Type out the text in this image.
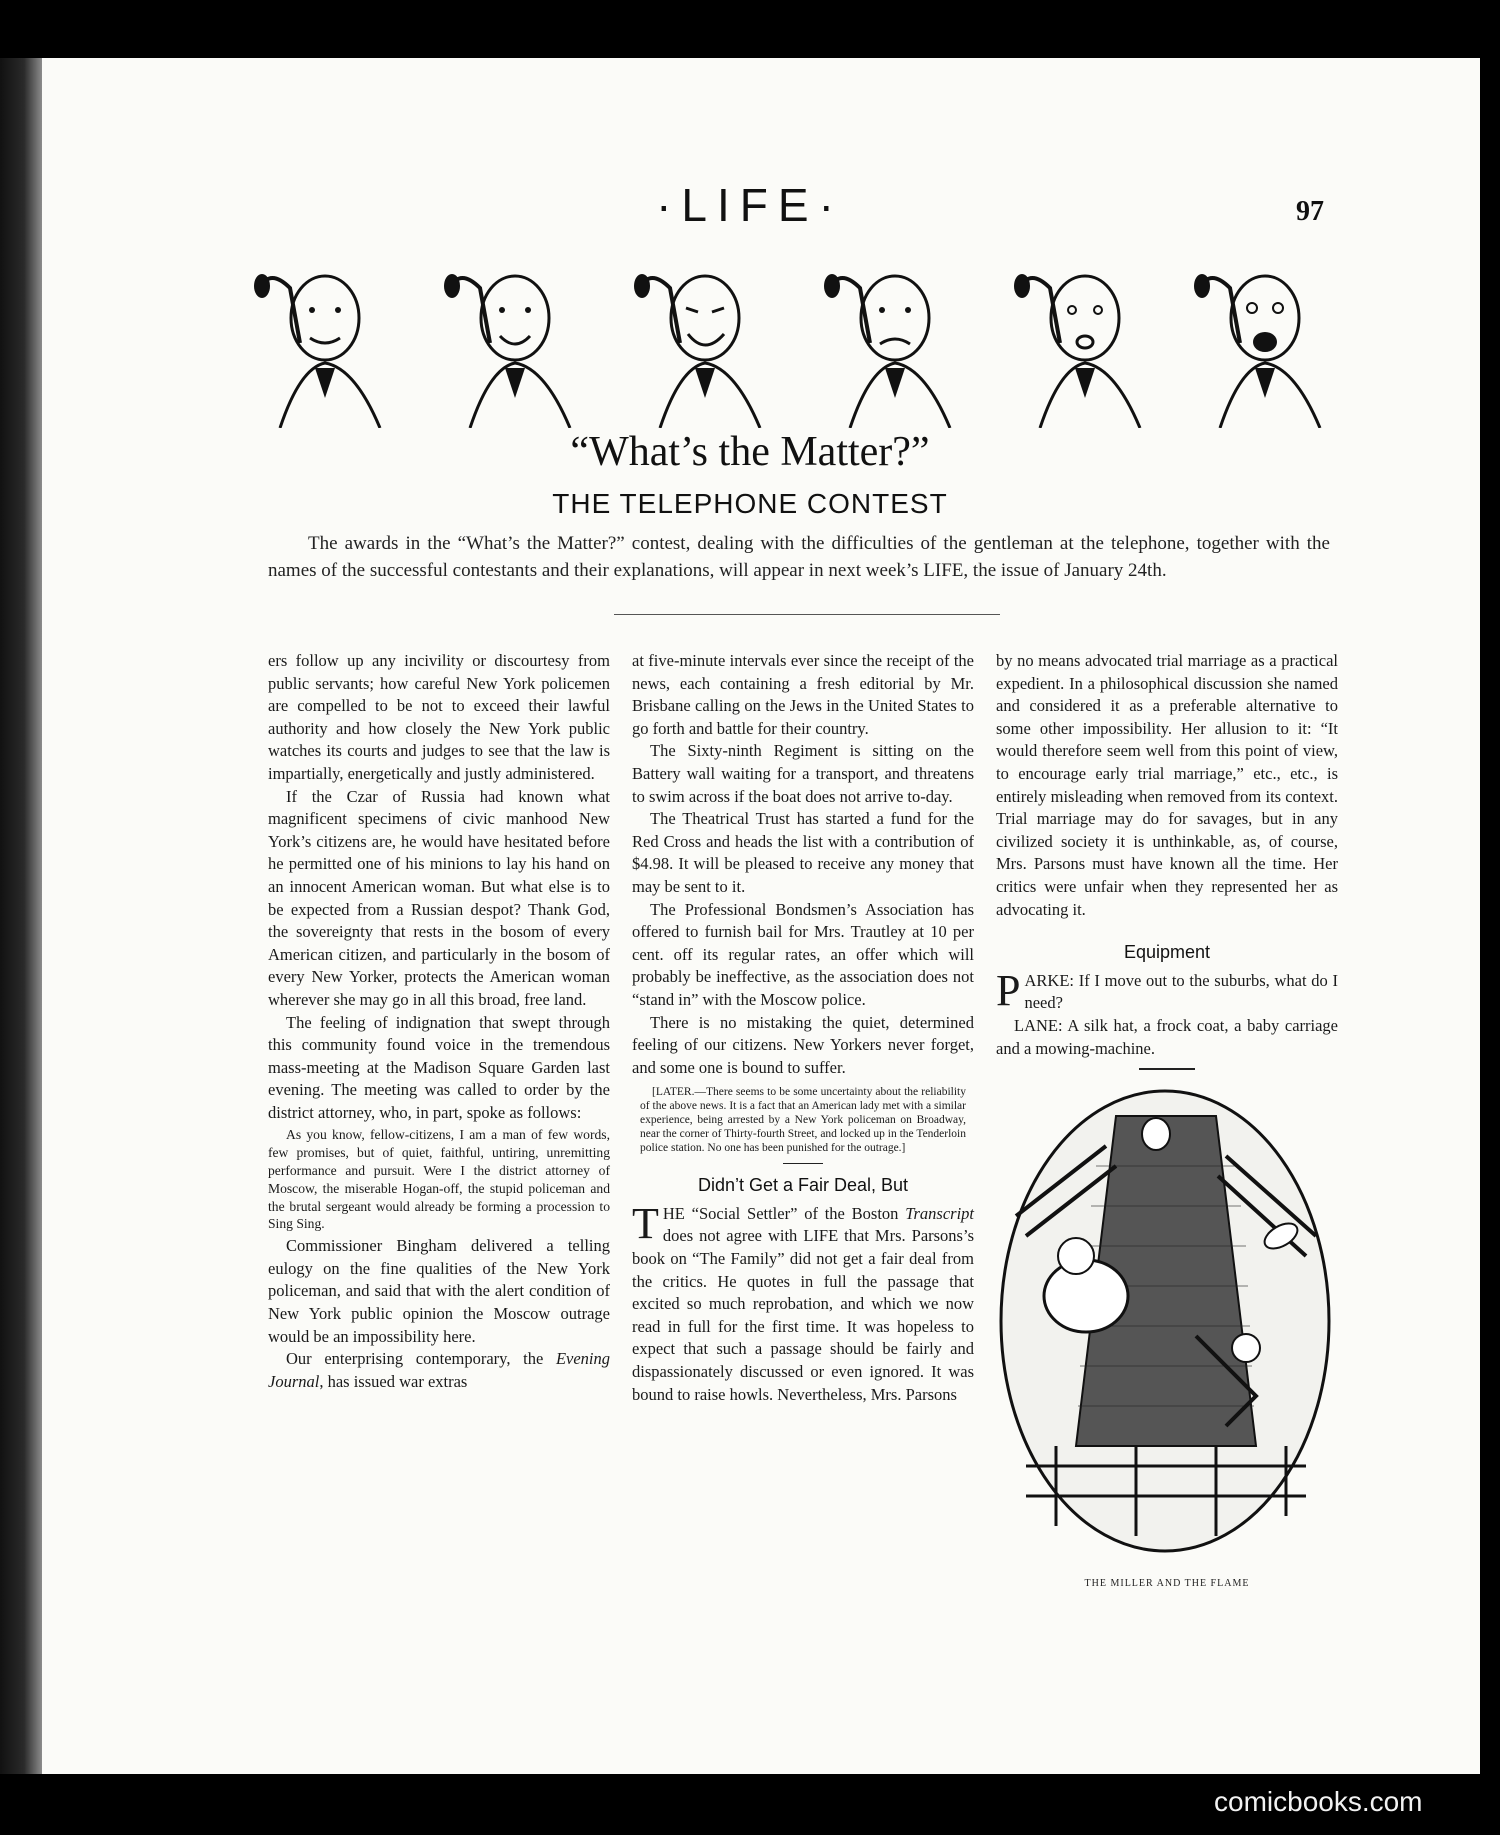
·LIFE·	97
“What’s the Matter?”
THE TELEPHONE CONTEST
The awards in the “What’s the Matter?” contest, dealing with the difficulties of the gentleman at the telephone, together with the names of the successful contestants and their explanations, will appear in next week’s LIFE, the issue of January 24th.

ers follow up any incivility or discourtesy from public servants; how careful New York policemen are compelled to be not to exceed their lawful authority and how closely the New York public watches its courts and judges to see that the law is impartially, energetically and justly administered.

If the Czar of Russia had known what magnificent specimens of civic manhood New York’s citizens are, he would have hesitated before he permitted one of his minions to lay his hand on an innocent American woman. But what else is to be expected from a Russian despot? Thank God, the sovereignty that rests in the bosom of every American citizen, and particularly in the bosom of every New Yorker, protects the American woman wherever she may go in all this broad, free land.

The feeling of indignation that swept through this community found voice in the tremendous mass-meeting at the Madison Square Garden last evening. The meeting was called to order by the district attorney, who, in part, spoke as follows:

As you know, fellow-citizens, I am a man of few words, few promises, but of quiet, faithful, untiring, unremitting performance and pursuit. Were I the district attorney of Moscow, the miserable Hogan-off, the stupid policeman and the brutal sergeant would already be forming a procession to Sing Sing.

Commissioner Bingham delivered a telling eulogy on the fine qualities of the New York policeman, and said that with the alert condition of New York public opinion the Moscow outrage would be an impossibility here.

Our enterprising contemporary, the Evening Journal, has issued war extras

at five-minute intervals ever since the receipt of the news, each containing a fresh editorial by Mr. Brisbane calling on the Jews in the United States to go forth and battle for their country.

The Sixty-ninth Regiment is sitting on the Battery wall waiting for a transport, and threatens to swim across if the boat does not arrive to-day.

The Theatrical Trust has started a fund for the Red Cross and heads the list with a contribution of $4.98. It will be pleased to receive any money that may be sent to it.

The Professional Bondsmen’s Association has offered to furnish bail for Mrs. Trautley at 10 per cent. off its regular rates, an offer which will probably be ineffective, as the association does not “stand in” with the Moscow police.

There is no mistaking the quiet, determined feeling of our citizens. New Yorkers never forget, and some one is bound to suffer.

[LATER.—There seems to be some uncertainty about the reliability of the above news. It is a fact that an American lady met with a similar experience, being arrested by a New York policeman on Broadway, near the corner of Thirty-fourth Street, and locked up in the Tenderloin police station. No one has been punished for the outrage.]

Didn’t Get a Fair Deal, But

THE “Social Settler” of the Boston Transcript does not agree with LIFE that Mrs. Parsons’s book on “The Family” did not get a fair deal from the critics. He quotes in full the passage that excited so much reprobation, and which we now read in full for the first time. It was hopeless to expect that such a passage should be fairly and dispassionately discussed or even ignored. It was bound to raise howls. Nevertheless, Mrs. Parsons

by no means advocated trial marriage as a practical expedient. In a philosophical discussion she named and considered it as a preferable alternative to some other impossibility. Her allusion to it: “It would therefore seem well from this point of view, to encourage early trial marriage,” etc., etc., is entirely misleading when removed from its context. Trial marriage may do for savages, but in any civilized society it is unthinkable, as, of course, Mrs. Parsons must have known all the time. Her critics were unfair when they represented her as advocating it.

Equipment

PARKE: If I move out to the suburbs, what do I need?

LANE: A silk hat, a frock coat, a baby carriage and a mowing-machine.

THE MILLER AND THE FLAME
comicbooks.com
